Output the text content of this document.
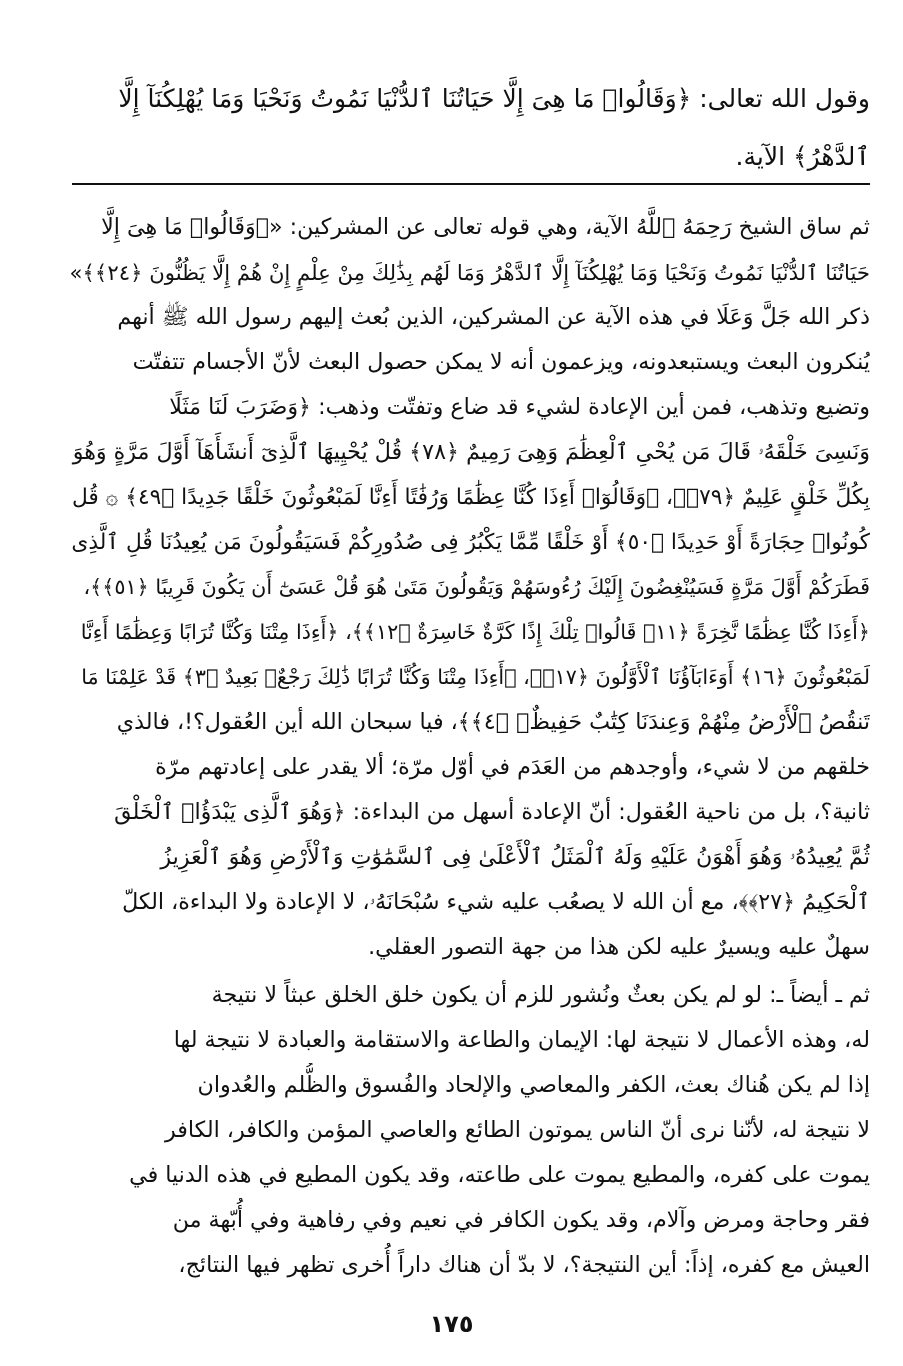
وقول الله تعالى: ﴿وَقَالُوا۟ مَا هِىَ إِلَّا حَيَاتُنَا ٱلدُّنْيَا نَمُوتُ وَنَحْيَا وَمَا يُهْلِكُنَآ إِلَّا
ٱلدَّهْرُ﴾ الآية.
ثم ساق الشيخ رَحِمَهُ ٱللَّهُ الآية، وهي قوله تعالى عن المشركين: «﴿وَقَالُوا۟ مَا هِىَ إِلَّا
حَيَاتُنَا ٱلدُّنْيَا نَمُوتُ وَنَحْيَا وَمَا يُهْلِكُنَآ إِلَّا ٱلدَّهْرُ وَمَا لَهُم بِذَٰلِكَ مِنْ عِلْمٍ إِنْ هُمْ إِلَّا يَظُنُّونَ ﴿٢٤﴾﴾»
ذكر الله جَلَّ وَعَلَا في هذه الآية عن المشركين، الذين بُعث إليهم رسول الله ﷺ أنهم
يُنكرون البعث ويستبعدونه، ويزعمون أنه لا يمكن حصول البعث لأنّ الأجسام تتفتّت
وتضيع وتذهب، فمن أين الإعادة لشيء قد ضاع وتفتّت وذهب: ﴿وَضَرَبَ لَنَا مَثَلًا
وَنَسِىَ خَلْقَهُۥ قَالَ مَن يُحْىِ ٱلْعِظَٰمَ وَهِىَ رَمِيمٌ ﴿٧٨﴾ قُلْ يُحْيِيهَا ٱلَّذِىٓ أَنشَأَهَآ أَوَّلَ مَرَّةٍ وَهُوَ
بِكُلِّ خَلْقٍ عَلِيمٌ ﴿٧٩﴾﴾، ﴿وَقَالُوٓا۟ أَءِذَا كُنَّا عِظَٰمًا وَرُفَٰتًا أَءِنَّا لَمَبْعُوثُونَ خَلْقًا جَدِيدًا ﴿٤٩﴾ ۞ قُل
كُونُوا۟ حِجَارَةً أَوْ حَدِيدًا ﴿٥٠﴾ أَوْ خَلْقًا مِّمَّا يَكْبُرُ فِى صُدُورِكُمْ فَسَيَقُولُونَ مَن يُعِيدُنَا قُلِ ٱلَّذِى
فَطَرَكُمْ أَوَّلَ مَرَّةٍ فَسَيُنْغِضُونَ إِلَيْكَ رُءُوسَهُمْ وَيَقُولُونَ مَتَىٰ هُوَ قُلْ عَسَىٰٓ أَن يَكُونَ قَرِيبًا ﴿٥١﴾﴾،
﴿أَءِذَا كُنَّا عِظَٰمًا نَّخِرَةً ﴿١١﴾ قَالُوا۟ تِلْكَ إِذًا كَرَّةٌ خَاسِرَةٌ ﴿١٢﴾﴾، ﴿أَءِذَا مِتْنَا وَكُنَّا تُرَابًا وَعِظَٰمًا أَءِنَّا
لَمَبْعُوثُونَ ﴿١٦﴾ أَوَءَابَآؤُنَا ٱلْأَوَّلُونَ ﴿١٧﴾﴾، ﴿أَءِذَا مِتْنَا وَكُنَّا تُرَابًا ذَٰلِكَ رَجْعٌۢ بَعِيدٌ ﴿٣﴾ قَدْ عَلِمْنَا مَا
تَنقُصُ ٱلْأَرْضُ مِنْهُمْ وَعِندَنَا كِتَٰبٌ حَفِيظٌۢ ﴿٤﴾﴾، فيا سبحان الله أين العُقول؟!، فالذي
خلقهم من لا شيء، وأوجدهم من العَدَم في أوّل مرّة؛ ألا يقدر على إعادتهم مرّة
ثانية؟، بل من ناحية العُقول: أنّ الإعادة أسهل من البداءة: ﴿وَهُوَ ٱلَّذِى يَبْدَؤُا۟ ٱلْخَلْقَ
ثُمَّ يُعِيدُهُۥ وَهُوَ أَهْوَنُ عَلَيْهِ وَلَهُ ٱلْمَثَلُ ٱلْأَعْلَىٰ فِى ٱلسَّمَٰوَٰتِ وَٱلْأَرْضِ وَهُوَ ٱلْعَزِيزُ
ٱلْحَكِيمُ ﴿٢٧﴾﴾، مع أن الله لا يصعُب عليه شيء سُبْحَانَهُۥ، لا الإعادة ولا البداءة، الكلّ
سهلٌ عليه ويسيرٌ عليه لكن هذا من جهة التصور العقلي.
ثم ـ أيضاً ـ: لو لم يكن بعثٌ ونُشور للزم أن يكون خلق الخلق عبثاً لا نتيجة
له، وهذه الأعمال لا نتيجة لها: الإيمان والطاعة والاستقامة والعبادة لا نتيجة لها
إذا لم يكن هُناك بعث، الكفر والمعاصي والإلحاد والفُسوق والظُّلم والعُدوان
لا نتيجة له، لأنّنا نرى أنّ الناس يموتون الطائع والعاصي المؤمن والكافر، الكافر
يموت على كفره، والمطيع يموت على طاعته، وقد يكون المطيع في هذه الدنيا في
فقر وحاجة ومرض وآلام، وقد يكون الكافر في نعيم وفي رفاهية وفي أُبّهة من
العيش مع كفره، إذاً: أين النتيجة؟، لا بدّ أن هناك داراً أُخرى تظهر فيها النتائج،
١٧٥
